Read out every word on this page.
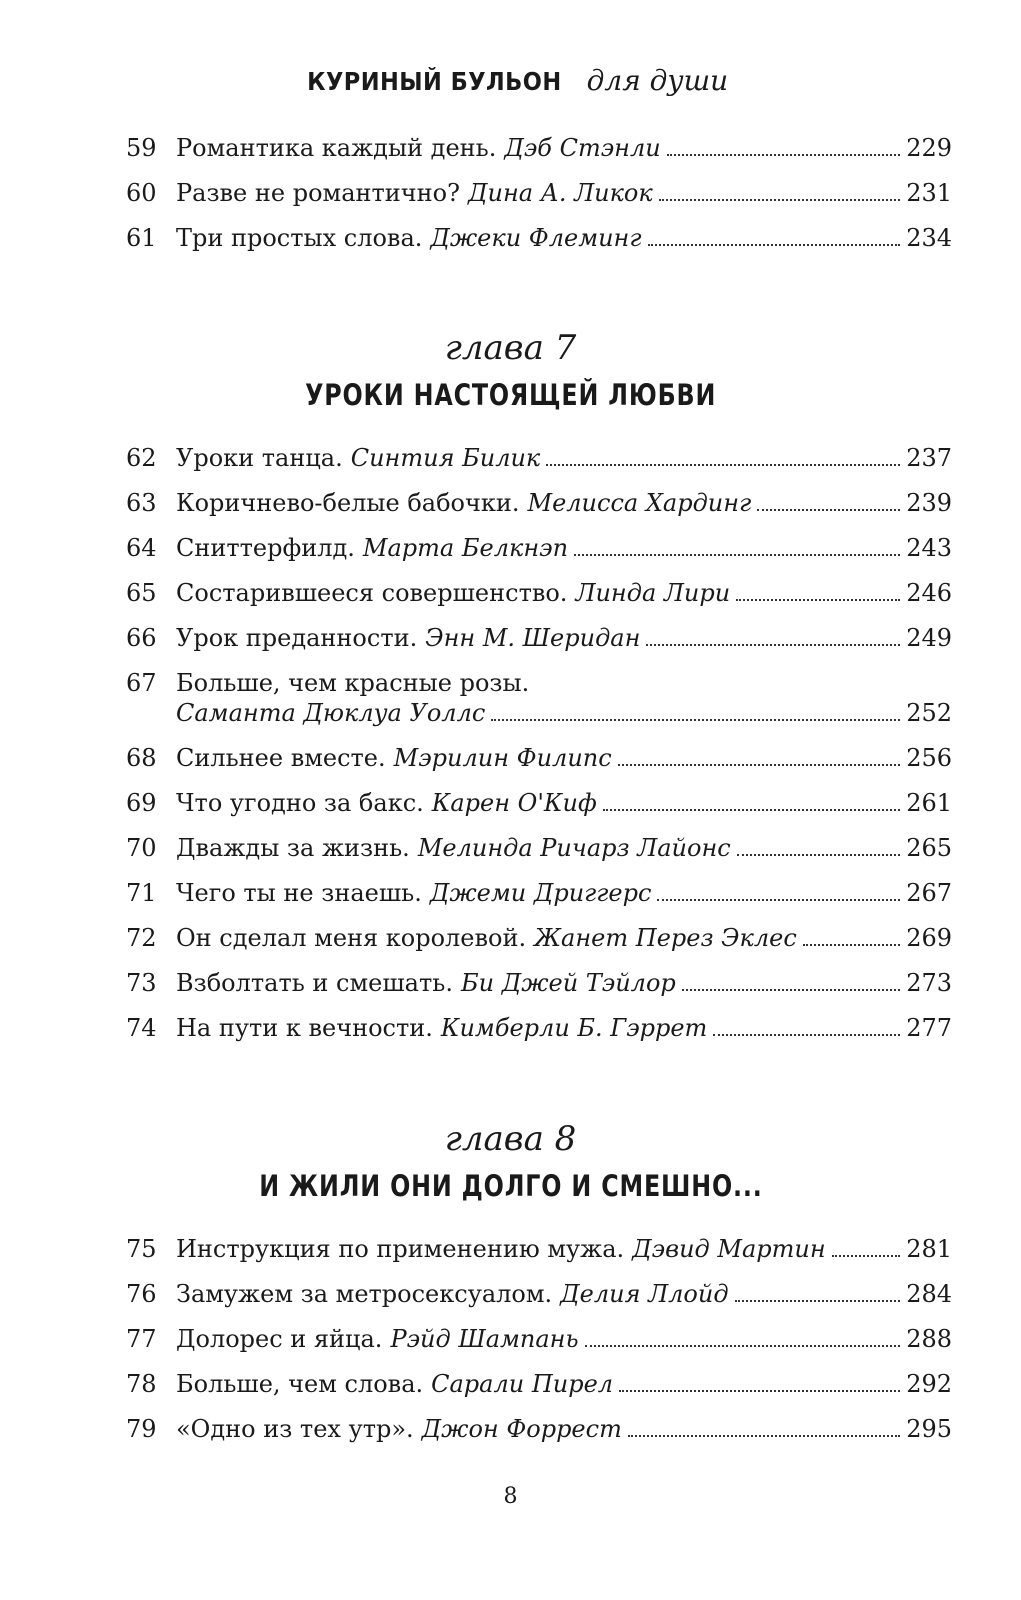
КУРИНЫЙ БУЛЬОН для души
59 Романтика каждый день. Дэб Стэнли	229
60 Разве не романтично? Дина А. Ликок	231
61 Три простых слова. Джеки Флеминг	234
глава 7
УРОКИ НАСТОЯЩЕЙ ЛЮБВИ
62 Уроки танца. Синтия Билик	237
63 Коричнево-белые бабочки. Мелисса Хардинг	239
64 Сниттерфилд. Марта Белкнэп	243
65 Состарившееся совершенство. Линда Лири	246
66 Урок преданности. Энн М. Шеридан	249
67 Больше, чем красные розы.
Саманта Дюклуа Уоллс	252
68 Сильнее вместе. Мэрилин Филипс	256
69 Что угодно за бакс. Карен О'Киф	261
70 Дважды за жизнь. Мелинда Ричарз Лайонс	265
71 Чего ты не знаешь. Джеми Дриггерс	267
72 Он сделал меня королевой. Жанет Перез Эклес	269
73 Взболтать и смешать. Би Джей Тэйлор	273
74 На пути к вечности. Кимберли Б. Гэррет	277
глава 8
И ЖИЛИ ОНИ ДОЛГО И СМЕШНО...
75 Инструкция по применению мужа. Дэвид Мартин	281
76 Замужем за метросексуалом. Делия Ллойд	284
77 Долорес и яйца. Рэйд Шампань	288
78 Больше, чем слова. Сарали Пирел	292
79 «Одно из тех утр». Джон Форрест	295
8
